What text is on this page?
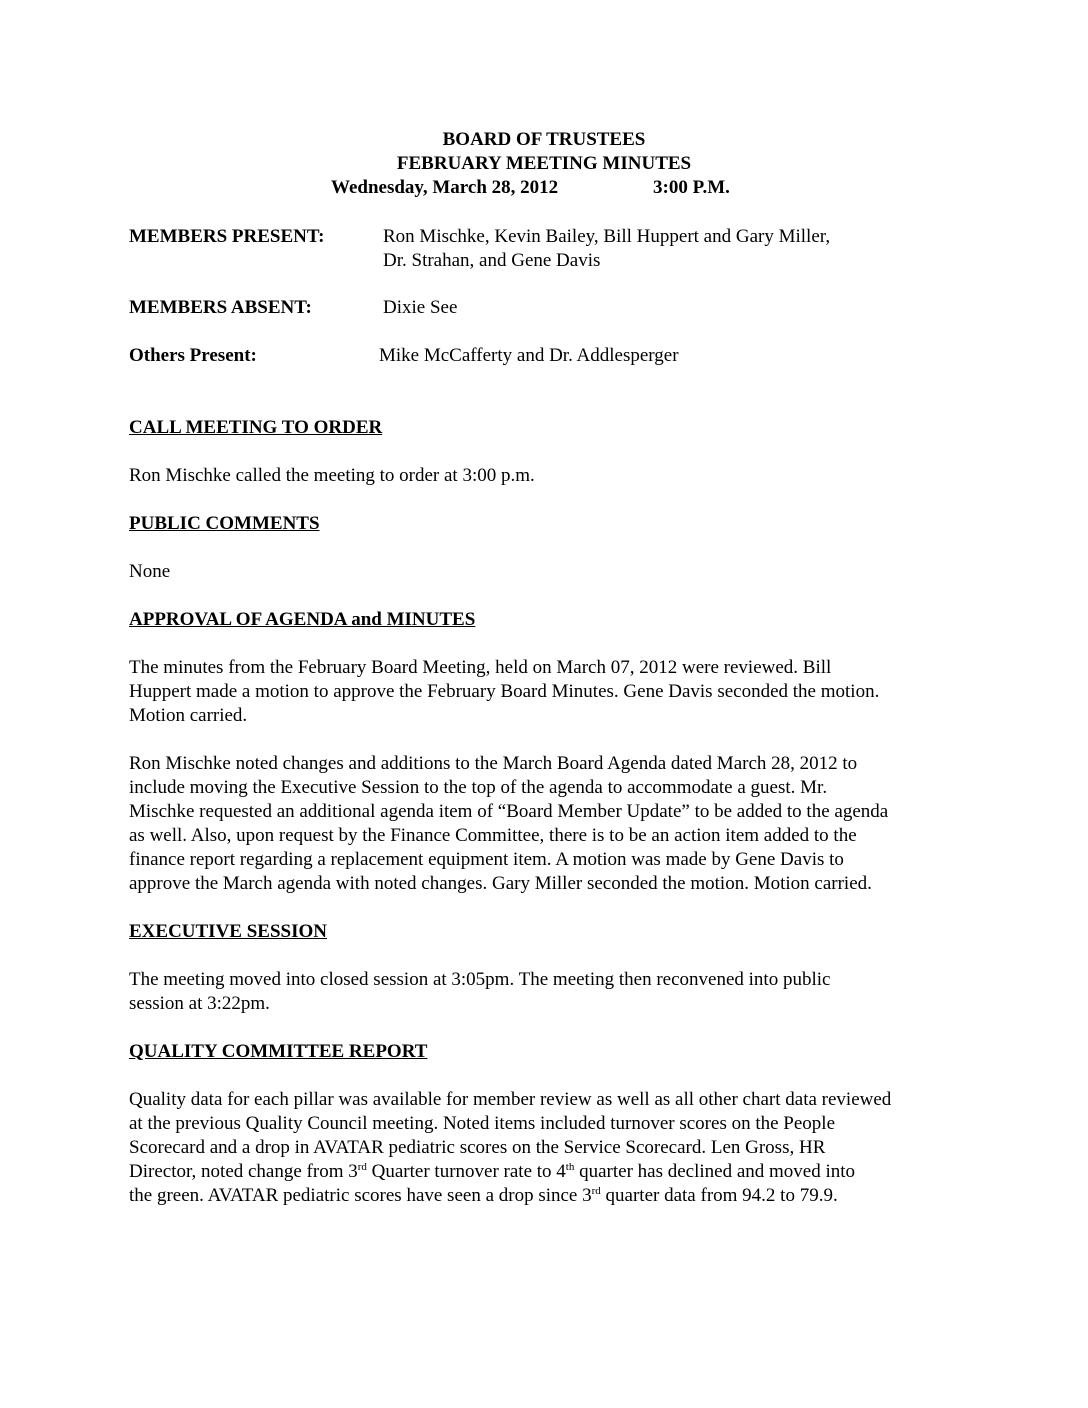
BOARD OF TRUSTEES
FEBRUARY MEETING MINUTES
Wednesday, March 28, 2012	3:00 P.M.
MEMBERS PRESENT:	Ron Mischke, Kevin Bailey, Bill Huppert and Gary Miller,
Dr. Strahan, and Gene Davis
MEMBERS ABSENT:	Dixie See
Others Present:	Mike McCafferty and Dr. Addlesperger
CALL MEETING TO ORDER
Ron Mischke called the meeting to order at 3:00 p.m.
PUBLIC COMMENTS
None
APPROVAL OF AGENDA and MINUTES
The minutes from the February Board Meeting, held on March 07, 2012 were reviewed. Bill
Huppert made a motion to approve the February Board Minutes. Gene Davis seconded the motion.
Motion carried.
Ron Mischke noted changes and additions to the March Board Agenda dated March 28, 2012 to
include moving the Executive Session to the top of the agenda to accommodate a guest. Mr.
Mischke requested an additional agenda item of “Board Member Update” to be added to the agenda
as well. Also, upon request by the Finance Committee, there is to be an action item added to the
finance report regarding a replacement equipment item. A motion was made by Gene Davis to
approve the March agenda with noted changes. Gary Miller seconded the motion. Motion carried.
EXECUTIVE SESSION
The meeting moved into closed session at 3:05pm. The meeting then reconvened into public
session at 3:22pm.
QUALITY COMMITTEE REPORT
Quality data for each pillar was available for member review as well as all other chart data reviewed
at the previous Quality Council meeting. Noted items included turnover scores on the People
Scorecard and a drop in AVATAR pediatric scores on the Service Scorecard. Len Gross, HR
Director, noted change from 3rd Quarter turnover rate to 4th quarter has declined and moved into
the green. AVATAR pediatric scores have seen a drop since 3rd quarter data from 94.2 to 79.9.
